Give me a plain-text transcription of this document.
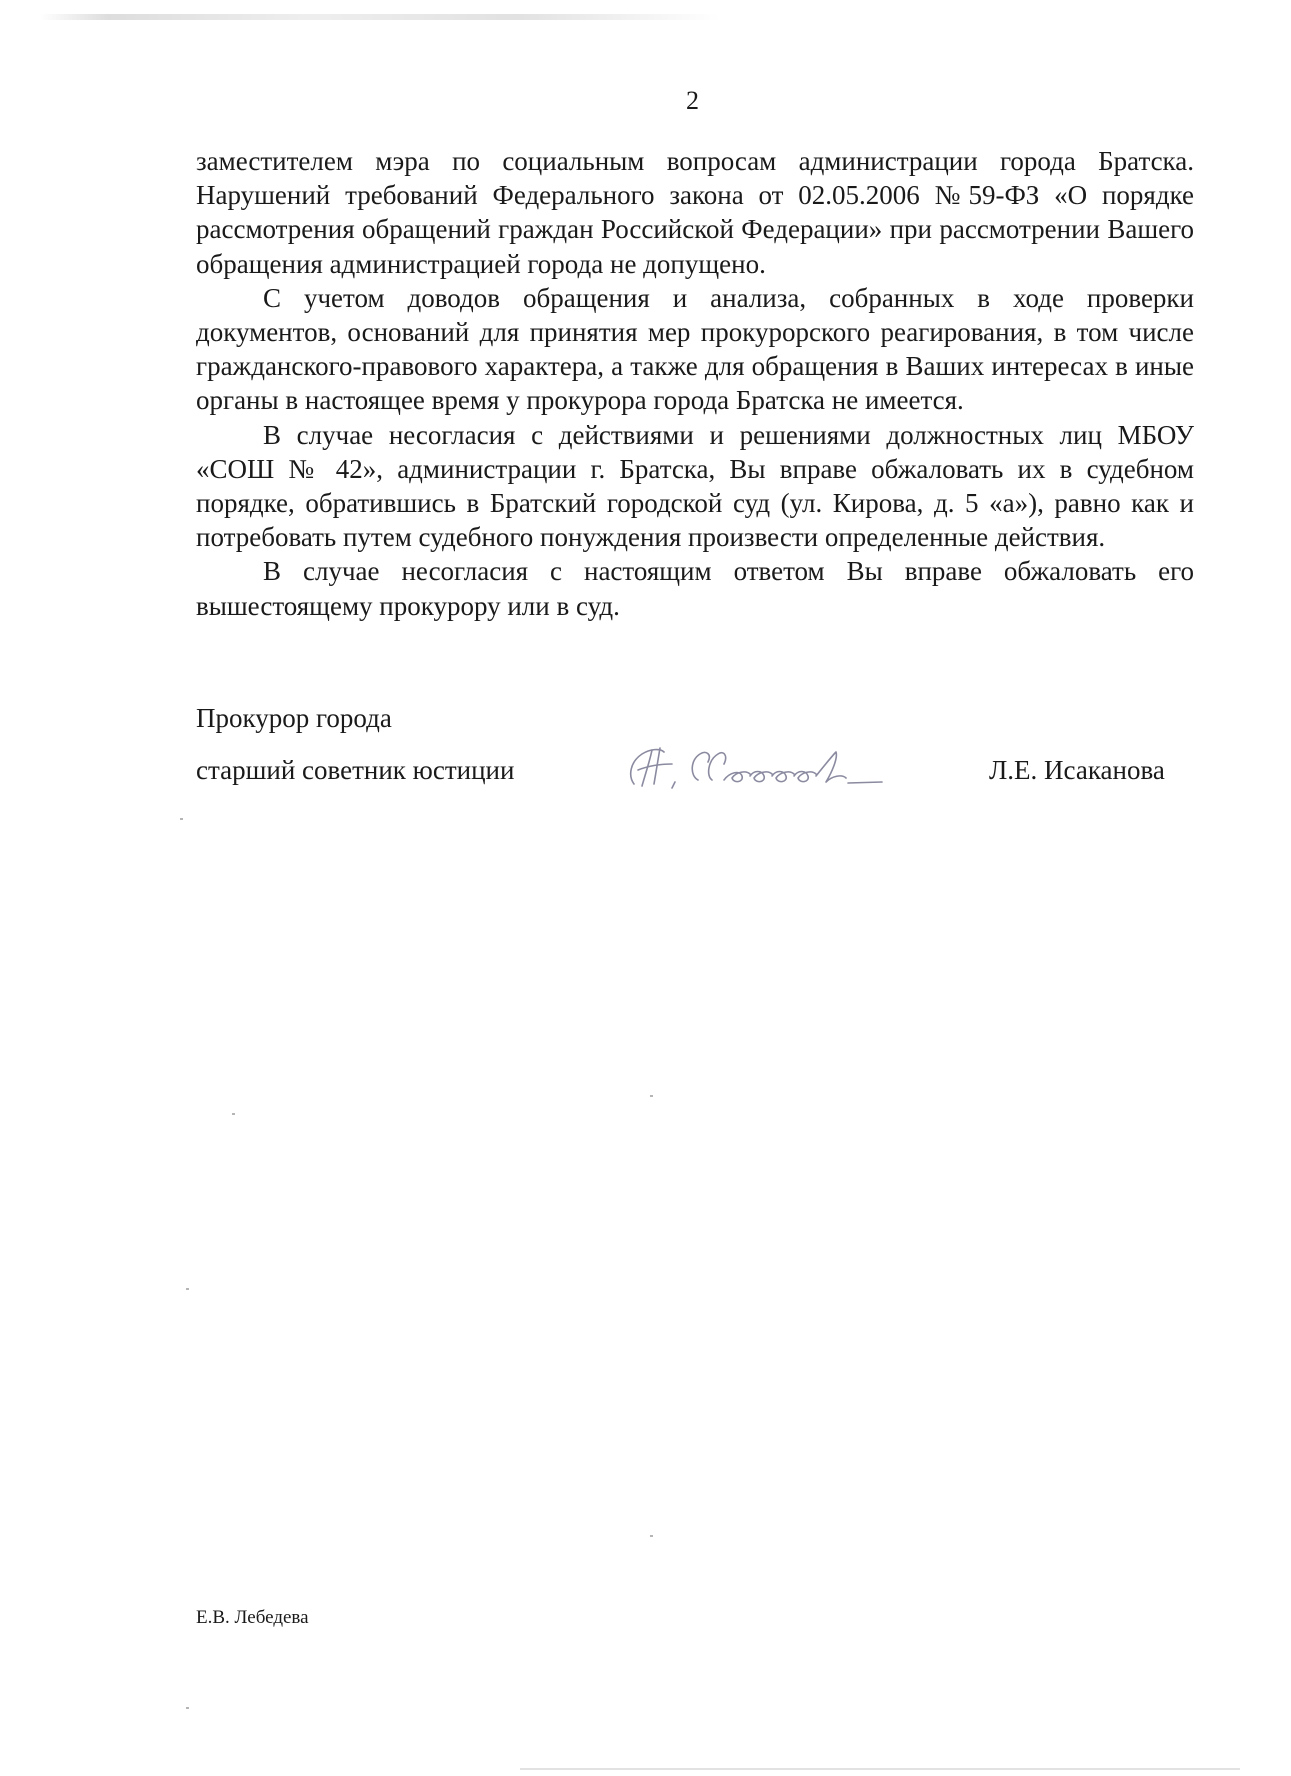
2

заместителем мэра по социальным вопросам администрации города Братска. Нарушений требований Федерального закона от 02.05.2006 №59-ФЗ «О порядке рассмотрения обращений граждан Российской Федерации» при рассмотрении Вашего обращения администрацией города не допущено.

С учетом доводов обращения и анализа, собранных в ходе проверки документов, оснований для принятия мер прокурорского реагирования, в том числе гражданского-правового характера, а также для обращения в Ваших интересах в иные органы в настоящее время у прокурора города Братска не имеется.

В случае несогласия с действиями и решениями должностных лиц МБОУ «СОШ № 42», администрации г. Братска, Вы вправе обжаловать их в судебном порядке, обратившись в Братский городской суд (ул. Кирова, д. 5 «а»), равно как и потребовать путем судебного понуждения произвести определенные действия.

В случае несогласия с настоящим ответом Вы вправе обжаловать его вышестоящему прокурору или в суд.

Прокурор города
старший советник юстиции	Л.Е. Исаканова
Е.В. Лебедева
